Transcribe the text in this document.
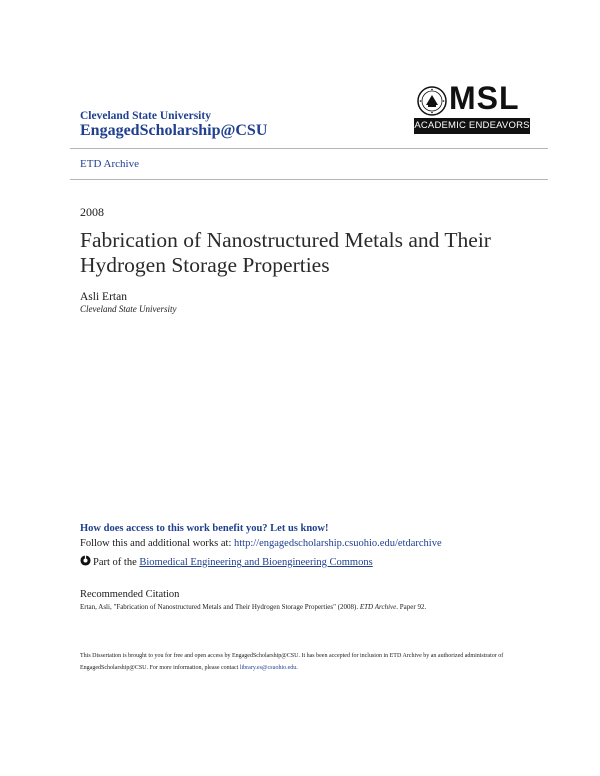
Cleveland State University
EngagedScholarship@CSU
MSL
ACADEMIC ENDEAVORS
ETD Archive
2008
Fabrication of Nanostructured Metals and Their Hydrogen Storage Properties
Asli Ertan
Cleveland State University
How does access to this work benefit you? Let us know!
Follow this and additional works at: http://engagedscholarship.csuohio.edu/etdarchive
Part of the Biomedical Engineering and Bioengineering Commons
Recommended Citation
Ertan, Asli, "Fabrication of Nanostructured Metals and Their Hydrogen Storage Properties" (2008). ETD Archive. Paper 92.
This Dissertation is brought to you for free and open access by EngagedScholarship@CSU. It has been accepted for inclusion in ETD Archive by an authorized administrator of EngagedScholarship@CSU. For more information, please contact library.es@csuohio.edu.
